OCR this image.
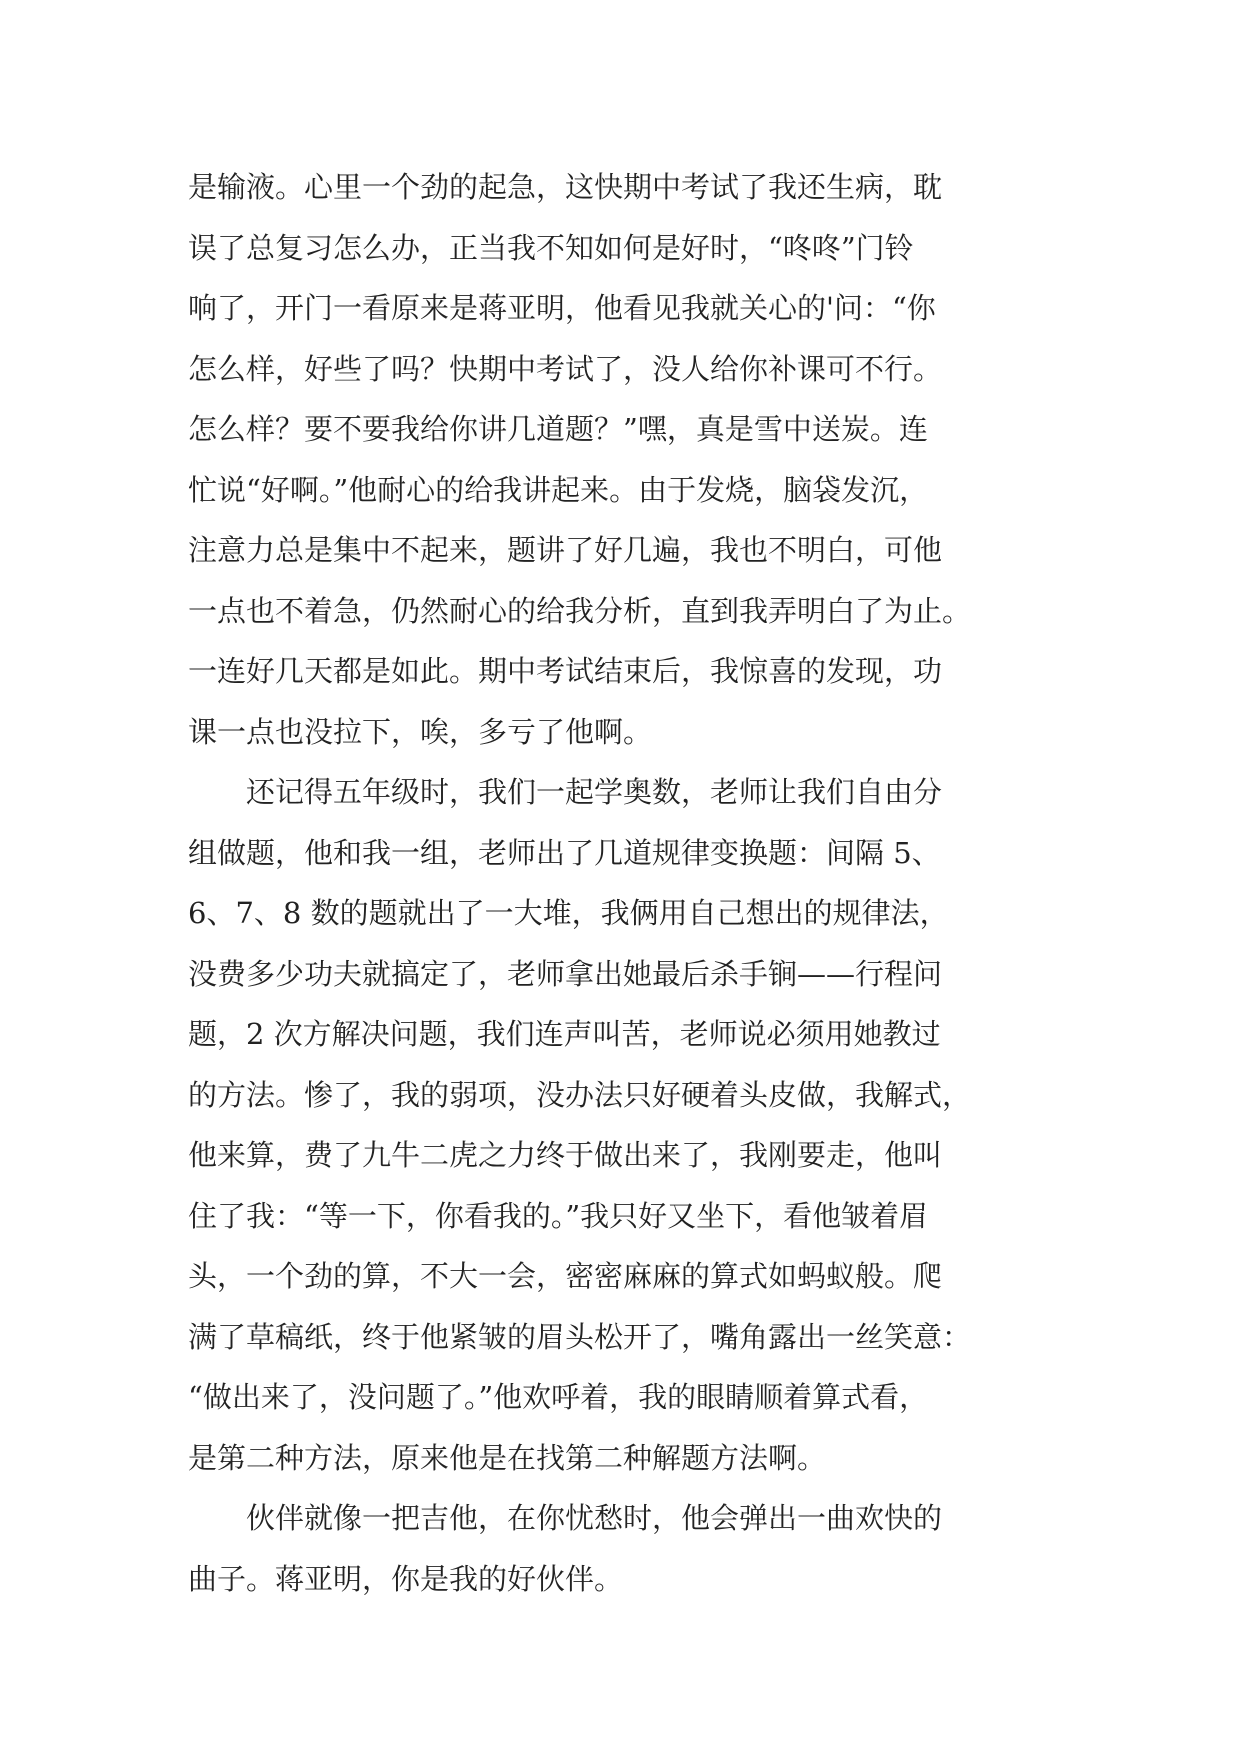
是输液。心里一个劲的起急，这快期中考试了我还生病，耽
误了总复习怎么办，正当我不知如何是好时，“咚咚”门铃
响了，开门一看原来是蒋亚明，他看见我就关心的'问：“你
怎么样，好些了吗？快期中考试了，没人给你补课可不行。
怎么样？要不要我给你讲几道题？”嘿，真是雪中送炭。连
忙说“好啊。”他耐心的给我讲起来。由于发烧，脑袋发沉，
注意力总是集中不起来，题讲了好几遍，我也不明白，可他
一点也不着急，仍然耐心的给我分析，直到我弄明白了为止。
一连好几天都是如此。期中考试结束后，我惊喜的发现，功
课一点也没拉下，唉，多亏了他啊。
　　还记得五年级时，我们一起学奥数，老师让我们自由分
组做题，他和我一组，老师出了几道规律变换题：间隔 5、
6、7、8 数的题就出了一大堆，我俩用自己想出的规律法，
没费多少功夫就搞定了，老师拿出她最后杀手锏——行程问
题，2 次方解决问题，我们连声叫苦，老师说必须用她教过
的方法。惨了，我的弱项，没办法只好硬着头皮做，我解式，
他来算，费了九牛二虎之力终于做出来了，我刚要走，他叫
住了我：“等一下，你看我的。”我只好又坐下，看他皱着眉
头，一个劲的算，不大一会，密密麻麻的算式如蚂蚁般。爬
满了草稿纸，终于他紧皱的眉头松开了，嘴角露出一丝笑意：
“做出来了，没问题了。”他欢呼着，我的眼睛顺着算式看，
是第二种方法，原来他是在找第二种解题方法啊。
　　伙伴就像一把吉他，在你忧愁时，他会弹出一曲欢快的
曲子。蒋亚明，你是我的好伙伴。
